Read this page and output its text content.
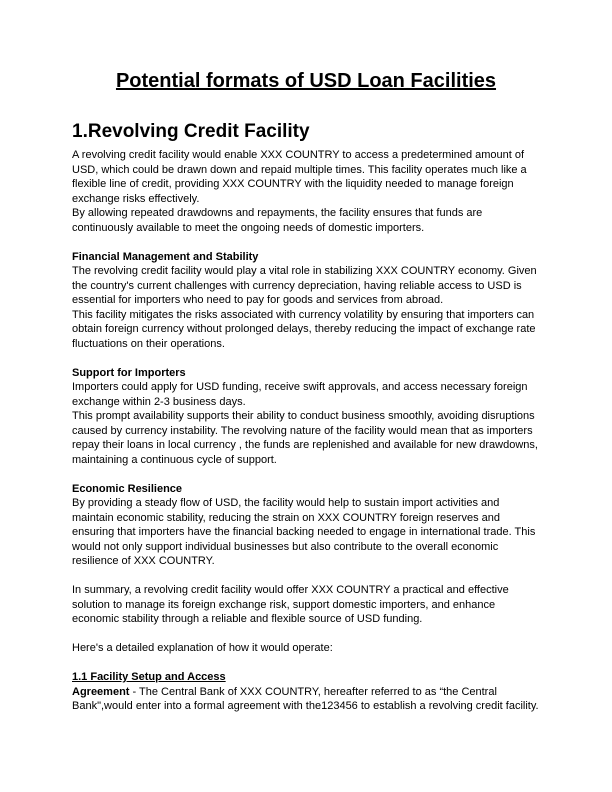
Potential formats of USD Loan Facilities
1.Revolving Credit Facility
A revolving credit facility would enable XXX COUNTRY to access a predetermined amount of
USD, which could be drawn down and repaid multiple times. This facility operates much like a
flexible line of credit, providing XXX COUNTRY with the liquidity needed to manage foreign
exchange risks effectively.
By allowing repeated drawdowns and repayments, the facility ensures that funds are
continuously available to meet the ongoing needs of domestic importers.
Financial Management and Stability
The revolving credit facility would play a vital role in stabilizing XXX COUNTRY economy. Given
the country's current challenges with currency depreciation, having reliable access to USD is
essential for importers who need to pay for goods and services from abroad.
This facility mitigates the risks associated with currency volatility by ensuring that importers can
obtain foreign currency without prolonged delays, thereby reducing the impact of exchange rate
fluctuations on their operations.
Support for Importers
Importers could apply for USD funding, receive swift approvals, and access necessary foreign
exchange within 2-3 business days.
This prompt availability supports their ability to conduct business smoothly, avoiding disruptions
caused by currency instability. The revolving nature of the facility would mean that as importers
repay their loans in local currency , the funds are replenished and available for new drawdowns,
maintaining a continuous cycle of support.
Economic Resilience
By providing a steady flow of USD, the facility would help to sustain import activities and
maintain economic stability, reducing the strain on XXX COUNTRY foreign reserves and
ensuring that importers have the financial backing needed to engage in international trade. This
would not only support individual businesses but also contribute to the overall economic
resilience of XXX COUNTRY.
In summary, a revolving credit facility would offer XXX COUNTRY a practical and effective
solution to manage its foreign exchange risk, support domestic importers, and enhance
economic stability through a reliable and flexible source of USD funding.
Here's a detailed explanation of how it would operate:
1.1 Facility Setup and Access
Agreement - The Central Bank of XXX COUNTRY, hereafter referred to as “the Central
Bank",would enter into a formal agreement with the123456 to establish a revolving credit facility.
